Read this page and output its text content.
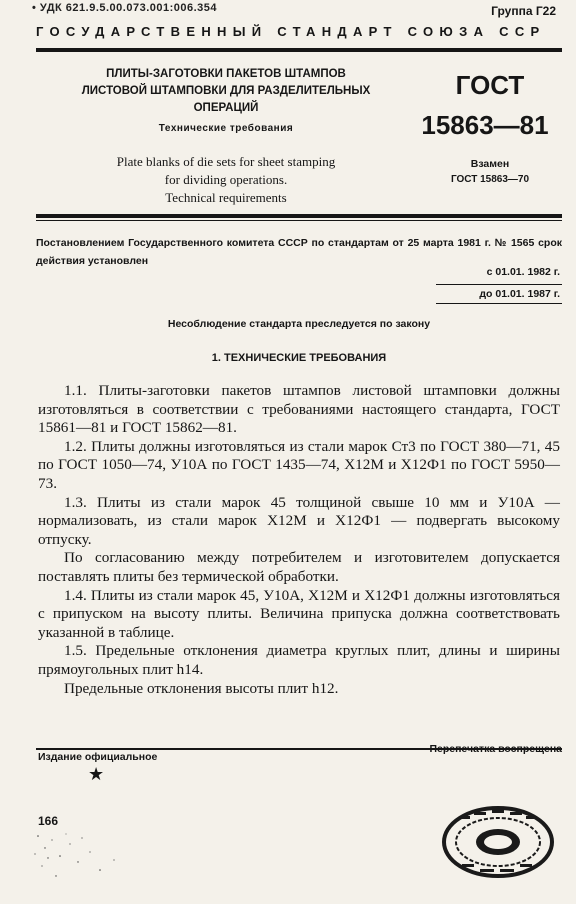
• УДК 621.9.5.00.073.001:006.354	Группа Г22
ГОСУДАРСТВЕННЫЙ СТАНДАРТ СОЮЗА ССР
ПЛИТЫ-ЗАГОТОВКИ ПАКЕТОВ ШТАМПОВ
ЛИСТОВОЙ ШТАМПОВКИ ДЛЯ РАЗДЕЛИТЕЛЬНЫХ
ОПЕРАЦИЙ
Технические требования
Plate blanks of die sets for sheet stamping
for dividing operations.
Technical requirements
ГОСТ
15863—81
Взамен
ГОСТ 15863—70
Постановлением Государственного комитета СССР по стандартам от 25 марта 1981 г. № 1565 срок действия установлен
с 01.01. 1982 г.
до 01.01. 1987 г.
Несоблюдение стандарта преследуется по закону
1. ТЕХНИЧЕСКИЕ ТРЕБОВАНИЯ

1.1. Плиты-заготовки пакетов штампов листовой штамповки должны изготовляться в соответствии с требованиями настоящего стандарта, ГОСТ 15861—81 и ГОСТ 15862—81.

1.2. Плиты должны изготовляться из стали марок Ст3 по ГОСТ 380—71, 45 по ГОСТ 1050—74, У10А по ГОСТ 1435—74, Х12М и Х12Ф1 по ГОСТ 5950—73.

1.3. Плиты из стали марок 45 толщиной свыше 10 мм и У10А — нормализовать, из стали марок Х12М и Х12Ф1 — подвергать высокому отпуску.

По согласованию между потребителем и изготовителем допускается поставлять плиты без термической обработки.

1.4. Плиты из стали марок 45, У10А, Х12М и Х12Ф1 должны изготовляться с припуском на высоту плиты. Величина припуска должна соответствовать указанной в таблице.

1.5. Предельные отклонения диаметра круглых плит, длины и ширины прямоугольных плит h14.

Предельные отклонения высоты плит h12.

Издание официальное
Перепечатка воспрещена
★
166
